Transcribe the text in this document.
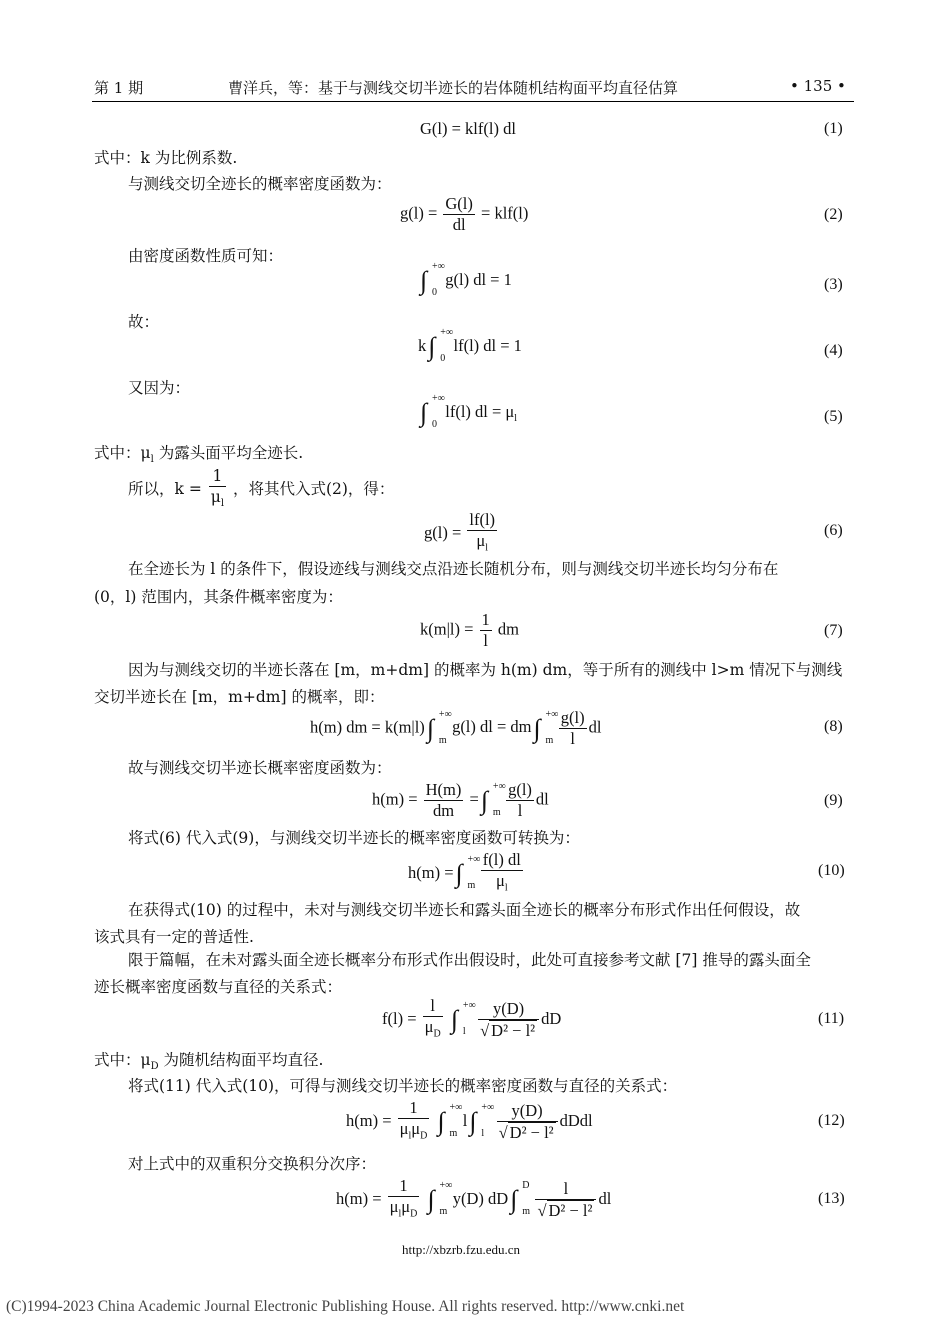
第 1 期	曹洋兵，等：基于与测线交切半迹长的岩体随机结构面平均直径估算	• 135 •
G(l) = klf(l) dl	(1)
式中：k 为比例系数.
与测线交切全迹长的概率密度函数为：
$g(l) = \frac{G(l)}{dl} = klf(l)$	(2)
由密度函数性质可知：
∫ +∞
0
g(l) dl = 1	(3)
故：
k∫ +∞
0
lf(l) dl = 1	(4)
又因为：
∫ +∞
0
lf(l) dl = $\mu_l$	(5)
式中：$\mu_l$ 为露头面平均全迹长.
所以，$k = \frac{1}{\mu_l}$ ，将其代入式(2)，得：
$g(l) = \frac{lf(l)}{\mu_l}$	(6)
在全迹长为 l 的条件下，假设迹线与测线交点沿迹长随机分布，则与测线交切半迹长均匀分布在
(0，l) 范围内，其条件概率密度为：
$k(m|l) = \frac{1}{l}$ dm	(7)
因为与测线交切的半迹长落在 [m，m+dm] 的概率为 h(m) dm，等于所有的测线中 l>m 情况下与测线
交切半迹长在 [m，m+dm] 的概率，即：
h(m) dm = k(m|l)∫ +∞
m
g(l) dl = dm∫ +∞
m
$\frac{g(l)}{l}$ dl	(8)
故与测线交切半迹长概率密度函数为：
$h(m) = \frac{H(m)}{dm}$ =∫ +∞
m
$\frac{g(l)}{l}$ dl	(9)
将式(6) 代入式(9)，与测线交切半迹长的概率密度函数可转换为：
h(m) =∫ +∞
m
$\frac{f(l) dl}{\mu_l}$	(10)
在获得式(10) 的过程中，未对与测线交切半迹长和露头面全迹长的概率分布形式作出任何假设，故
该式具有一定的普适性.
限于篇幅，在未对露头面全迹长概率分布形式作出假设时，此处可直接参考文献 [7] 推导的露头面全
迹长概率密度函数与直径的关系式：
$f(l) = \frac{l}{\mu_D}$ ∫ +∞
l
$\frac{y(D)}{\text{√ D² − l²}}$ dD	(11)
式中：$\mu_D$ 为随机结构面平均直径.
将式(11) 代入式(10)，可得与测线交切半迹长的概率密度函数与直径的关系式：
$h(m) = \frac{1}{\mu_l\mu_D}$ ∫ +∞
m
l∫ +∞
l
$\frac{y(D)}{\text{√ D² − l²}}$ dDdl	(12)
对上式中的双重积分交换积分次序：
$h(m) = \frac{1}{\mu_l\mu_D}$ ∫ +∞
m
y(D) dD∫ D
m
$\frac{l}{\text{√ D² − l²}}$ dl	(13)
http://xbzrb.fzu.edu.cn
(C)1994-2023 China Academic Journal Electronic Publishing House. All rights reserved. http://www.cnki.net
